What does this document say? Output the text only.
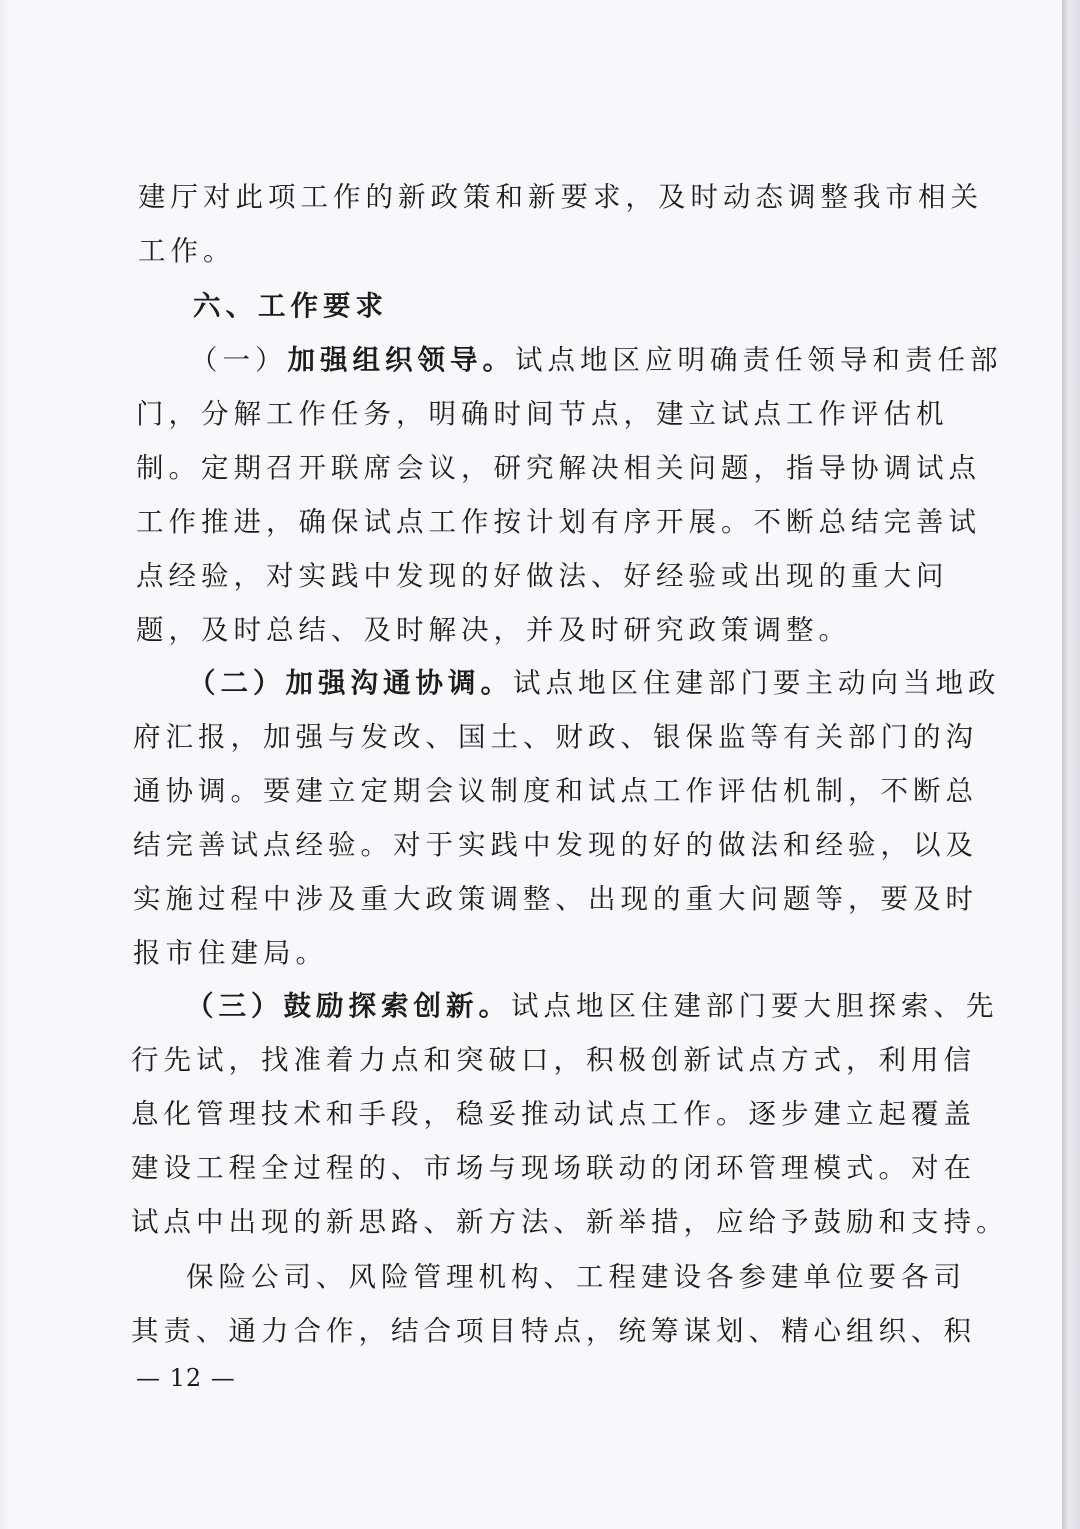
建厅对此项工作的新政策和新要求，及时动态调整我市相关
工作。
六、工作要求
（一）加强组织领导。试点地区应明确责任领导和责任部
门，分解工作任务，明确时间节点，建立试点工作评估机
制。定期召开联席会议，研究解决相关问题，指导协调试点
工作推进，确保试点工作按计划有序开展。不断总结完善试
点经验，对实践中发现的好做法、好经验或出现的重大问
题，及时总结、及时解决，并及时研究政策调整。
（二）加强沟通协调。试点地区住建部门要主动向当地政
府汇报，加强与发改、国土、财政、银保监等有关部门的沟
通协调。要建立定期会议制度和试点工作评估机制，不断总
结完善试点经验。对于实践中发现的好的做法和经验，以及
实施过程中涉及重大政策调整、出现的重大问题等，要及时
报市住建局。
（三）鼓励探索创新。试点地区住建部门要大胆探索、先
行先试，找准着力点和突破口，积极创新试点方式，利用信
息化管理技术和手段，稳妥推动试点工作。逐步建立起覆盖
建设工程全过程的、市场与现场联动的闭环管理模式。对在
试点中出现的新思路、新方法、新举措，应给予鼓励和支持。
保险公司、风险管理机构、工程建设各参建单位要各司
其责、通力合作，结合项目特点，统筹谋划、精心组织、积
— 12 —
